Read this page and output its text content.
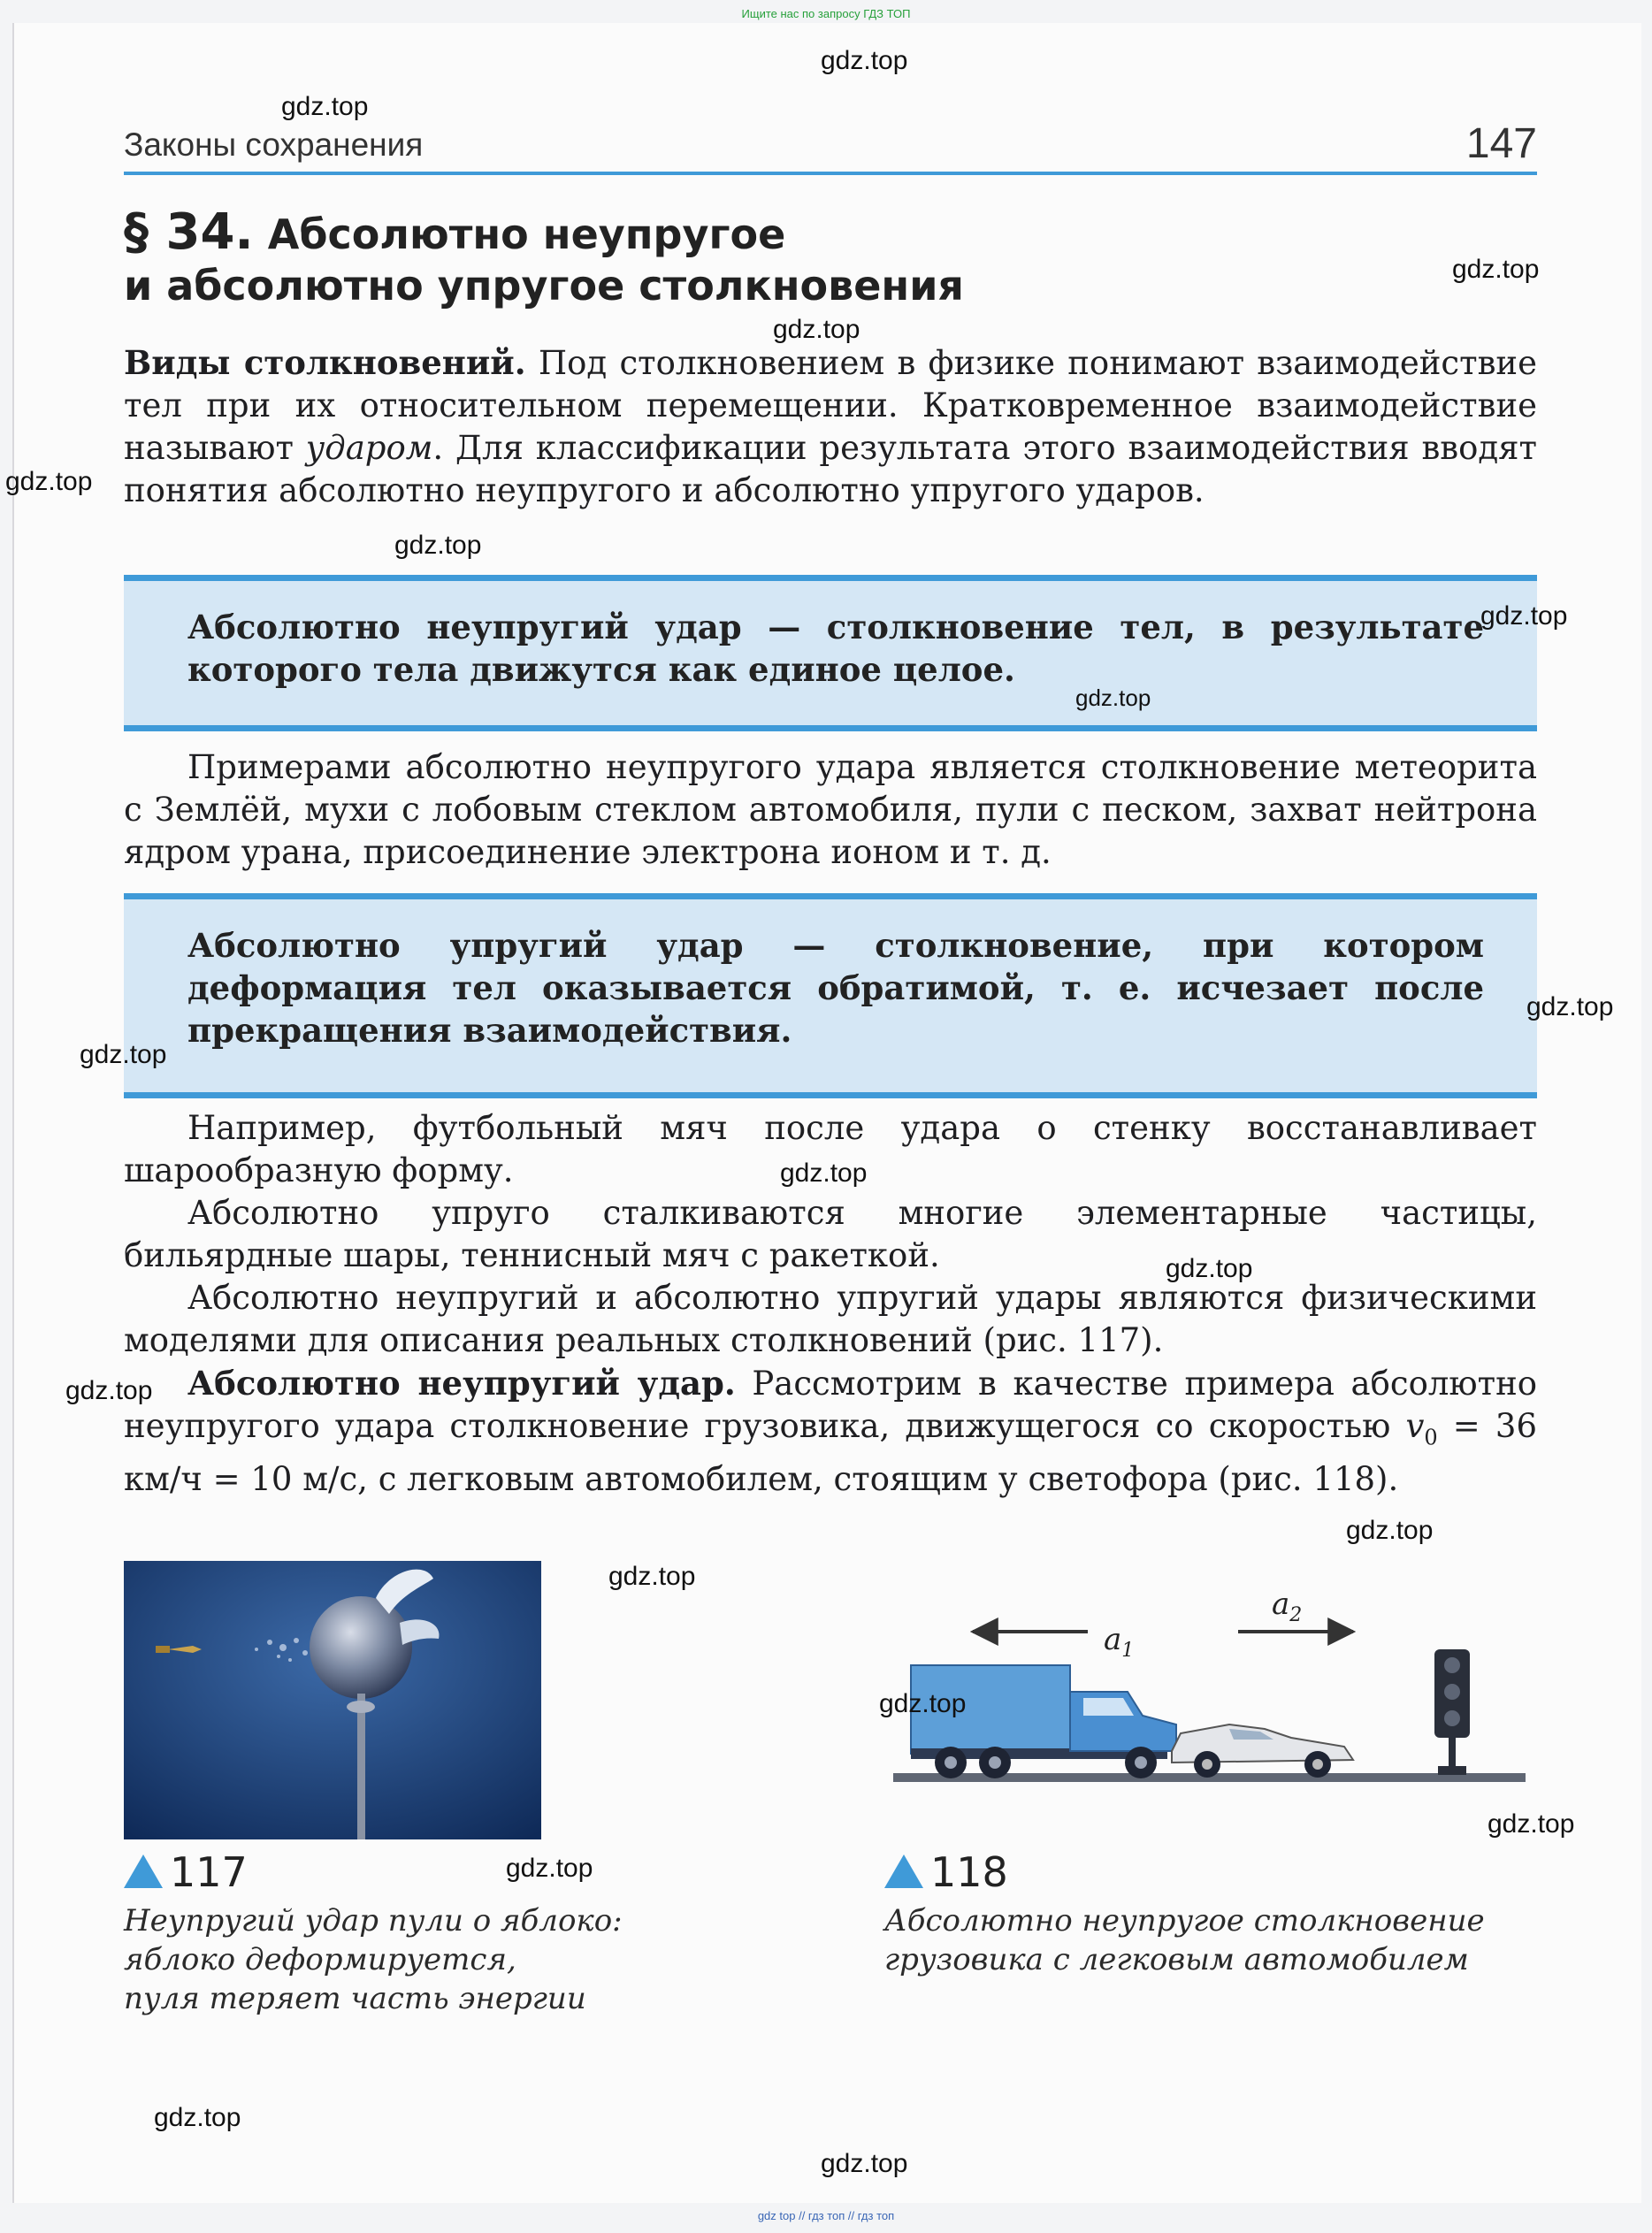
Ищите нас по запросу ГДЗ ТОП
Законы сохранения	147
§ 34. Абсолютно неупругое
и абсолютно упругое столкновения
Виды столкновений. Под столкновением в физике понимают взаимодействие тел при их относительном перемещении. Кратковременное взаимодействие называют ударом. Для классификации результата этого взаимодействия вводят понятия абсолютно неупругого и абсолютно упругого ударов.
Абсолютно неупругий удар — столкновение тел, в результате которого тела движутся как единое целое.
Примерами абсолютно неупругого удара является столкновение метеорита с Землёй, мухи с лобовым стеклом автомобиля, пули с песком, захват нейтрона ядром урана, присоединение электрона ионом и т. д.
Абсолютно упругий удар — столкновение, при котором деформация тел оказывается обратимой, т. е. исчезает после прекращения взаимодействия.
Например, футбольный мяч после удара о стенку восстанавливает шарообразную форму.
Абсолютно упруго сталкиваются многие элементарные частицы, бильярдные шары, теннисный мяч с ракеткой.
Абсолютно неупругий и абсолютно упругий удары являются физическими моделями для описания реальных столкновений (рис. 117).
Абсолютно неупругий удар. Рассмотрим в качестве примера абсолютно неупругого удара столкновение грузовика, движущегося со скоростью $v_0 = 36$ км/ч = 10 м/с, с легковым автомобилем, стоящим у светофора (рис. 118).
117
Неупругий удар пули о яблоко:
яблоко деформируется,
пуля теряет часть энергии
$a_1$
$a_2$
118
Абсолютно неупругое столкновение
грузовика с легковым автомобилем
gdz.top
gdz.top
gdz.top
gdz.top
gdz.top
gdz.top
gdz.top
gdz.top
gdz.top
gdz.top
gdz.top
gdz.top
gdz.top
gdz.top
gdz.top
gdz.top
gdz.top
gdz.top
gdz.top
gdz.top
gdz top // гдз топ // гдз топ
